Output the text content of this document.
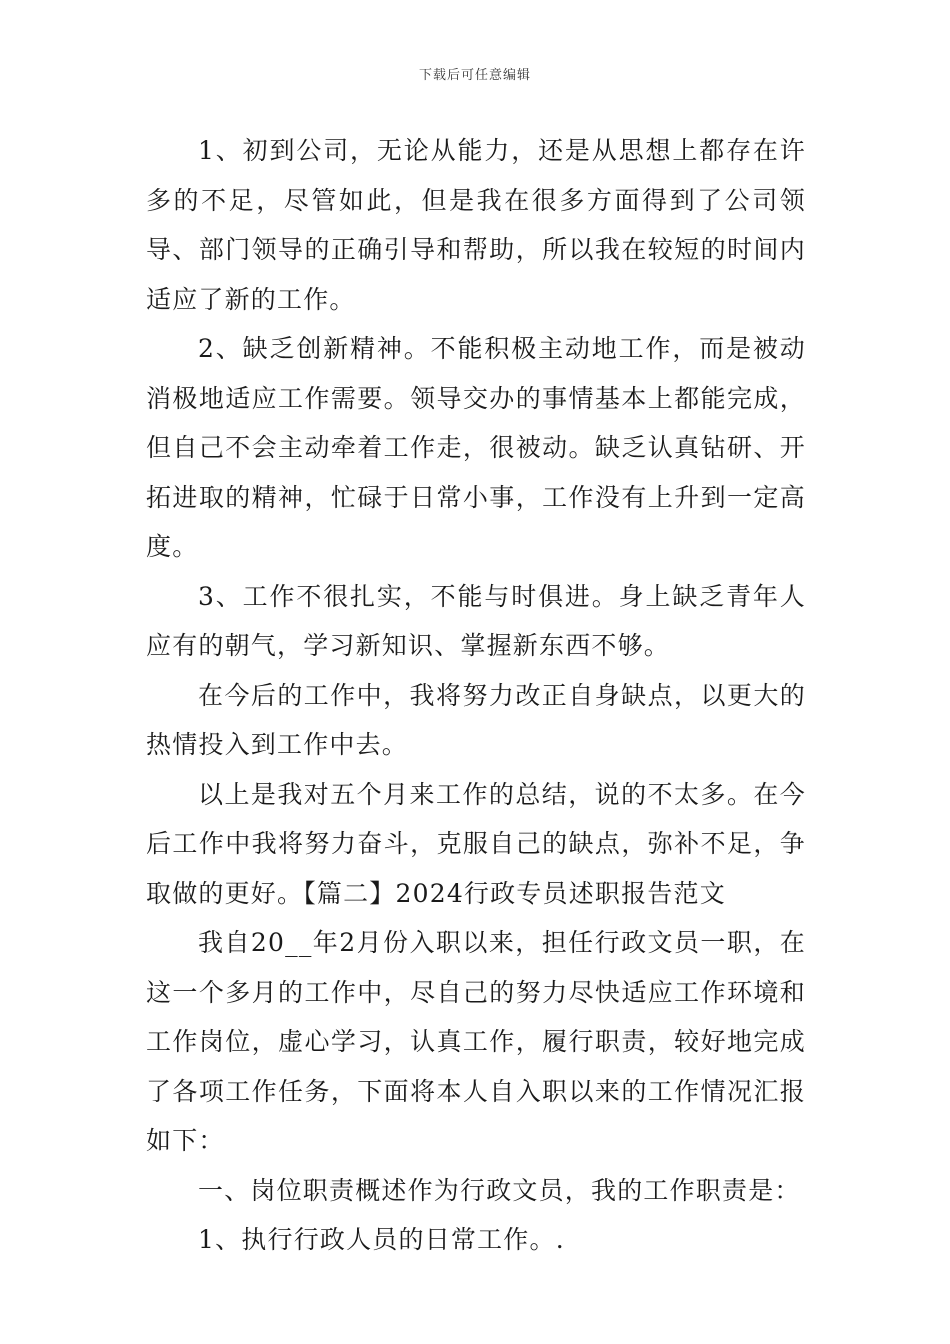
下载后可任意编辑

1、初到公司，无论从能力，还是从思想上都存在许多的不足，尽管如此，但是我在很多方面得到了公司领导、部门领导的正确引导和帮助，所以我在较短的时间内适应了新的工作。

2、缺乏创新精神。不能积极主动地工作，而是被动消极地适应工作需要。领导交办的事情基本上都能完成，但自己不会主动牵着工作走，很被动。缺乏认真钻研、开拓进取的精神，忙碌于日常小事，工作没有上升到一定高度。

3、工作不很扎实，不能与时俱进。身上缺乏青年人应有的朝气，学习新知识、掌握新东西不够。

在今后的工作中，我将努力改正自身缺点，以更大的热情投入到工作中去。

以上是我对五个月来工作的总结，说的不太多。在今后工作中我将努力奋斗，克服自己的缺点，弥补不足，争取做的更好。【篇二】2024行政专员述职报告范文

我自20__年2月份入职以来，担任行政文员一职，在这一个多月的工作中，尽自己的努力尽快适应工作环境和工作岗位，虚心学习，认真工作，履行职责，较好地完成了各项工作任务，下面将本人自入职以来的工作情况汇报如下：

一、岗位职责概述作为行政文员，我的工作职责是：

1、执行行政人员的日常工作。.
